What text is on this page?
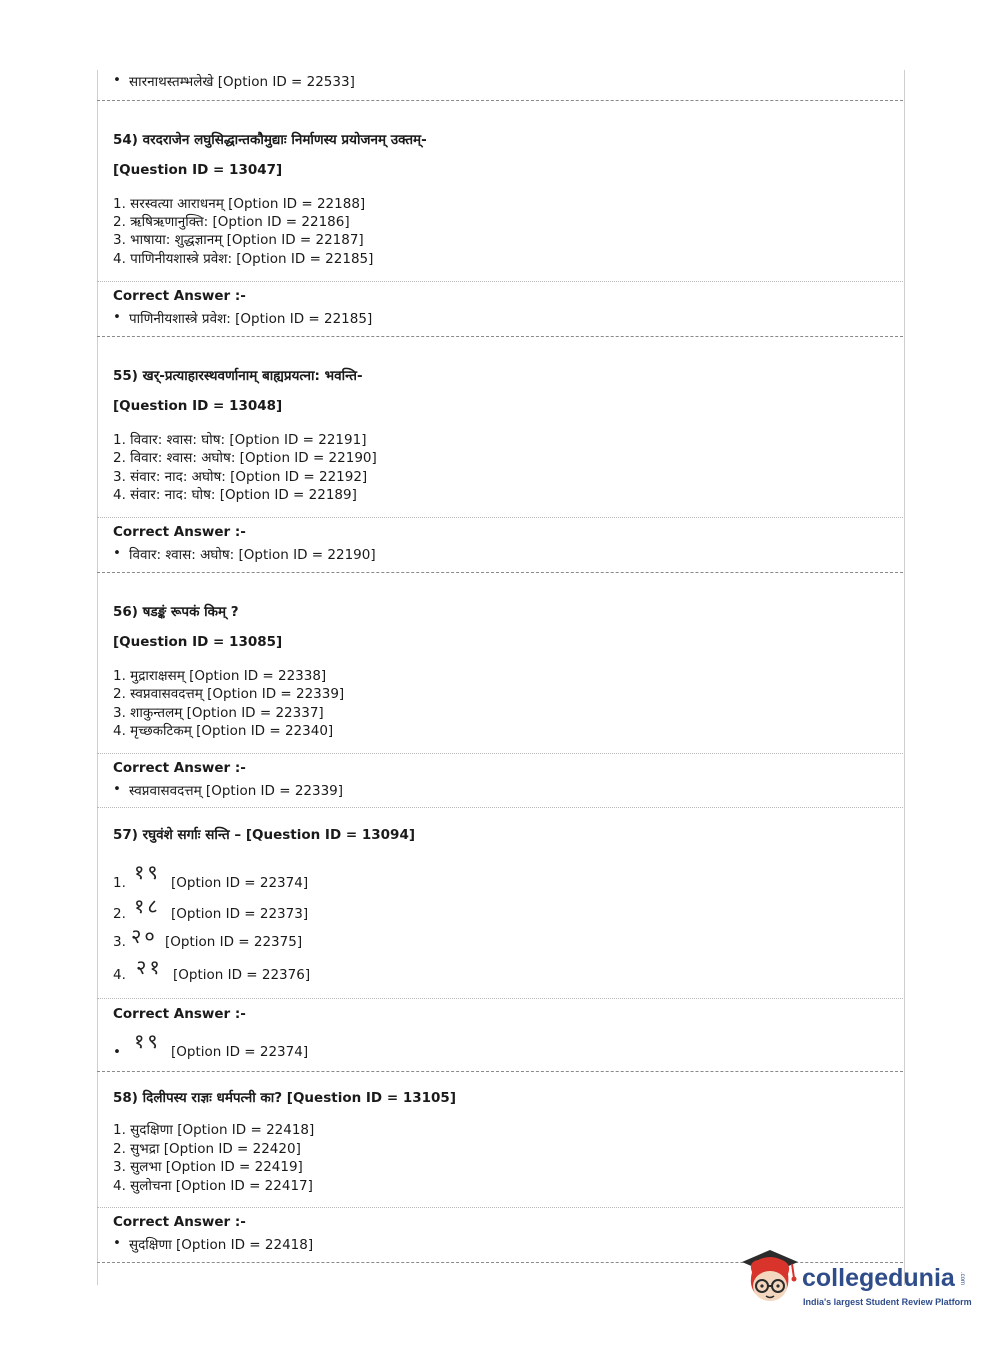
• सारनाथस्तम्भलेखे [Option ID = 22533]
54) वरदराजेन लघुसिद्धान्तकौमुद्याः निर्माणस्य प्रयोजनम् उक्तम्-
[Question ID = 13047]
1. सरस्वत्या आराधनम् [Option ID = 22188]
2. ऋषिऋणानुक्ति: [Option ID = 22186]
3. भाषाया: शुद्धज्ञानम् [Option ID = 22187]
4. पाणिनीयशास्त्रे प्रवेश: [Option ID = 22185]
Correct Answer :-
• पाणिनीयशास्त्रे प्रवेश: [Option ID = 22185]
55) खर्-प्रत्याहारस्थवर्णानाम् बाह्यप्रयत्ना: भवन्ति-
[Question ID = 13048]
1. विवार: श्वास: घोष: [Option ID = 22191]
2. विवार: श्वास: अघोष: [Option ID = 22190]
3. संवार: नाद: अघोष: [Option ID = 22192]
4. संवार: नाद: घोष: [Option ID = 22189]
Correct Answer :-
• विवार: श्वास: अघोष: [Option ID = 22190]
56) षडङ्कं रूपकं किम् ?
[Question ID = 13085]
1. मुद्राराक्षसम् [Option ID = 22338]
2. स्वप्नवासवदत्तम् [Option ID = 22339]
3. शाकुन्तलम् [Option ID = 22337]
4. मृच्छकटिकम् [Option ID = 22340]
Correct Answer :-
• स्वप्नवासवदत्तम् [Option ID = 22339]
57) रघुवंशे सर्गाः सन्ति – [Question ID = 13094]
1. १९ [Option ID = 22374]
2. १८ [Option ID = 22373]
3. २० [Option ID = 22375]
4. २१ [Option ID = 22376]
Correct Answer :-
• १९ [Option ID = 22374]
58) दिलीपस्य राज्ञः धर्मपत्नी का? [Question ID = 13105]
1. सुदक्षिणा [Option ID = 22418]
2. सुभद्रा [Option ID = 22420]
3. सुलभा [Option ID = 22419]
4. सुलोचना [Option ID = 22417]
Correct Answer :-
• सुदक्षिणा [Option ID = 22418]
collegedunia .com
India's largest Student Review Platform
